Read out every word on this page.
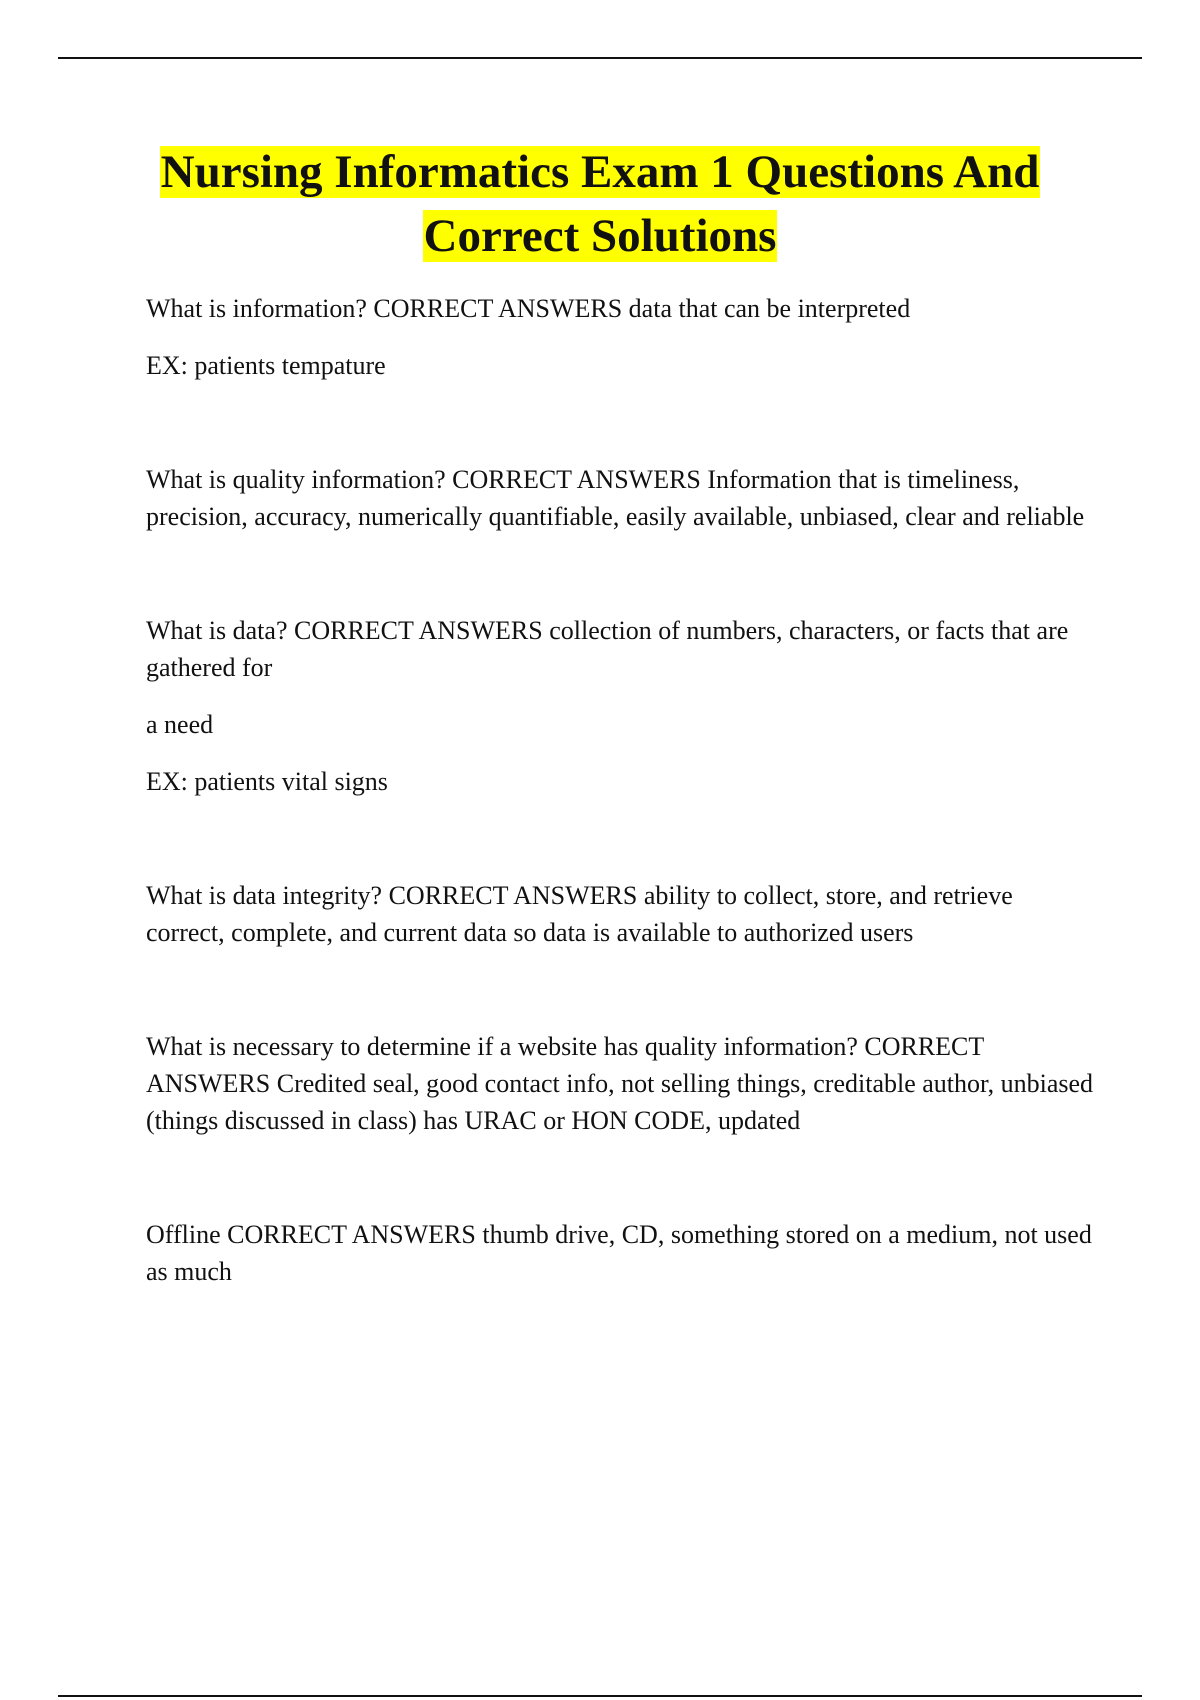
Nursing Informatics Exam 1 Questions And
Correct Solutions

What is information? CORRECT ANSWERS data that can be interpreted

EX: patients tempature

What is quality information? CORRECT ANSWERS Information that is timeliness, precision, accuracy, numerically quantifiable, easily available, unbiased, clear and reliable

What is data? CORRECT ANSWERS collection of numbers, characters, or facts that are gathered for

a need

EX: patients vital signs

What is data integrity? CORRECT ANSWERS ability to collect, store, and retrieve correct, complete, and current data so data is available to authorized users

What is necessary to determine if a website has quality information? CORRECT ANSWERS Credited seal, good contact info, not selling things, creditable author, unbiased (things discussed in class) has URAC or HON CODE, updated

Offline CORRECT ANSWERS thumb drive, CD, something stored on a medium, not used as much
